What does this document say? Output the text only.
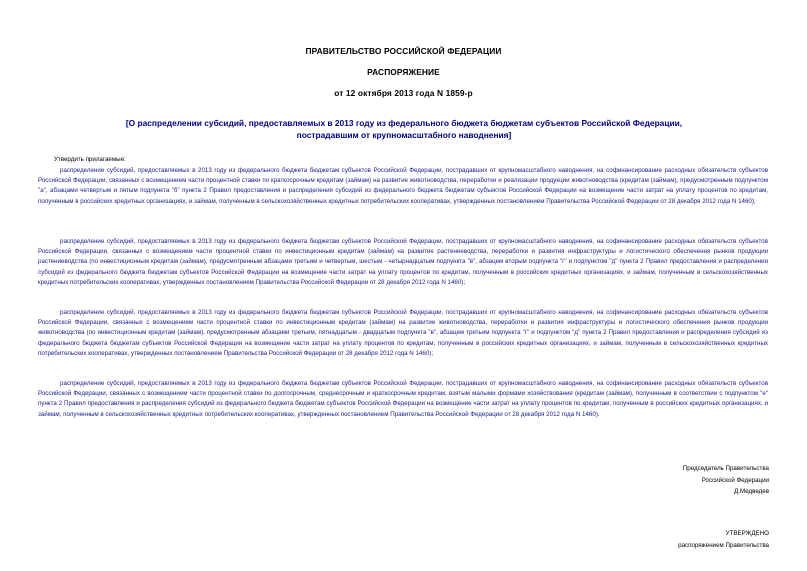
ПРАВИТЕЛЬСТВО РОССИЙСКОЙ ФЕДЕРАЦИИ
РАСПОРЯЖЕНИЕ
от 12 октября 2013 года N 1859-р
[О распределении субсидий, предоставляемых в 2013 году из федерального бюджета бюджетам субъектов Российской Федерации, пострадавшим от крупномасштабного наводнения]
Утвердить прилагаемые:
распределение субсидий, предоставляемых в 2013 году из федерального бюджета бюджетам субъектов Российской Федерации, пострадавших от крупномасштабного наводнения, на софинансирование расходных обязательств субъектов Российской Федерации, связанных с возмещением части процентной ставки по краткосрочным кредитам (займам) на развитие животноводства, переработки и реализации продукции животноводства (кредитам (займам), предусмотренным подпунктом "а", абзацами четвертым и пятым подпункта "б" пункта 2 Правил предоставления и распределения субсидий из федерального бюджета бюджетам субъектов Российской Федерации на возмещение части затрат на уплату процентов по кредитам, полученным в российских кредитных организациях, и займам, полученным в сельскохозяйственных кредитных потребительских кооперативах, утвержденных постановлением Правительства Российской Федерации от 28 декабря 2012 года N 1460);
распределение субсидий, предоставляемых в 2013 году из федерального бюджета бюджетам субъектов Российской Федерации, пострадавших от крупномасштабного наводнения, на софинансирование расходных обязательств субъектов Российской Федерации, связанных с возмещением части процентной ставки по инвестиционным кредитам (займам) на развитие растениеводства, переработки и развития инфраструктуры и логистического обеспечения рынков продукции растениеводства (по инвестиционным кредитам (займам), предусмотренным абзацами третьим и четвертым, шестым - четырнадцатым подпункта "в", абзацем вторым подпункта "г" и подпунктом "д" пункта 2 Правил предоставления и распределения субсидий из федерального бюджета бюджетам субъектов Российской Федерации на возмещение части затрат на уплату процентов по кредитам, полученным в российских кредитных организациях, и займам, полученным в сельскохозяйственных кредитных потребительских кооперативах, утвержденных постановлением Правительства Российской Федерации от 28 декабря 2012 года N 1460);
распределение субсидий, предоставляемых в 2013 году из федерального бюджета бюджетам субъектов Российской Федерации, пострадавших от крупномасштабного наводнения, на софинансирование расходных обязательств субъектов Российской Федерации, связанных с возмещением части процентной ставки по инвестиционным кредитам (займам) на развитие животноводства, переработки и развития инфраструктуры и логистического обеспечения рынков продукции животноводства (по инвестиционным кредитам (займам), предусмотренным абзацами третьим, пятнадцатым - двадцатым подпункта "в", абзацем третьим подпункта "г" и подпунктом "д" пункта 2 Правил предоставления и распределения субсидий из федерального бюджета бюджетам субъектов Российской Федерации на возмещение части затрат на уплату процентов по кредитам, полученным в российских кредитных организациях, и займам, полученным в сельскохозяйственных кредитных потребительских кооперативах, утвержденных постановлением Правительства Российской Федерации от 28 декабря 2012 года N 1460);
распределение субсидий, предоставляемых в 2013 году из федерального бюджета бюджетам субъектов Российской Федерации, пострадавших от крупномасштабного наводнения, на софинансирование расходных обязательств субъектов Российской Федерации, связанных с возмещением части процентной ставки по долгосрочным, среднесрочным и краткосрочным кредитам, взятым малыми формами хозяйствования (кредитам (займам), полученным в соответствии с подпунктом "е" пункта 2 Правил предоставления и распределения субсидий из федерального бюджета бюджетам субъектов Российской Федерации на возмещение части затрат на уплату процентов по кредитам, полученным в российских кредитных организациях, и займам, полученным в сельскохозяйственных кредитных потребительских кооперативах, утвержденных постановлением Правительства Российской Федерации от 28 декабря 2012 года N 1460).
Председатель Правительства
Российской Федерации
Д.Медведев
УТВЕРЖДЕНО
распоряжением Правительства
